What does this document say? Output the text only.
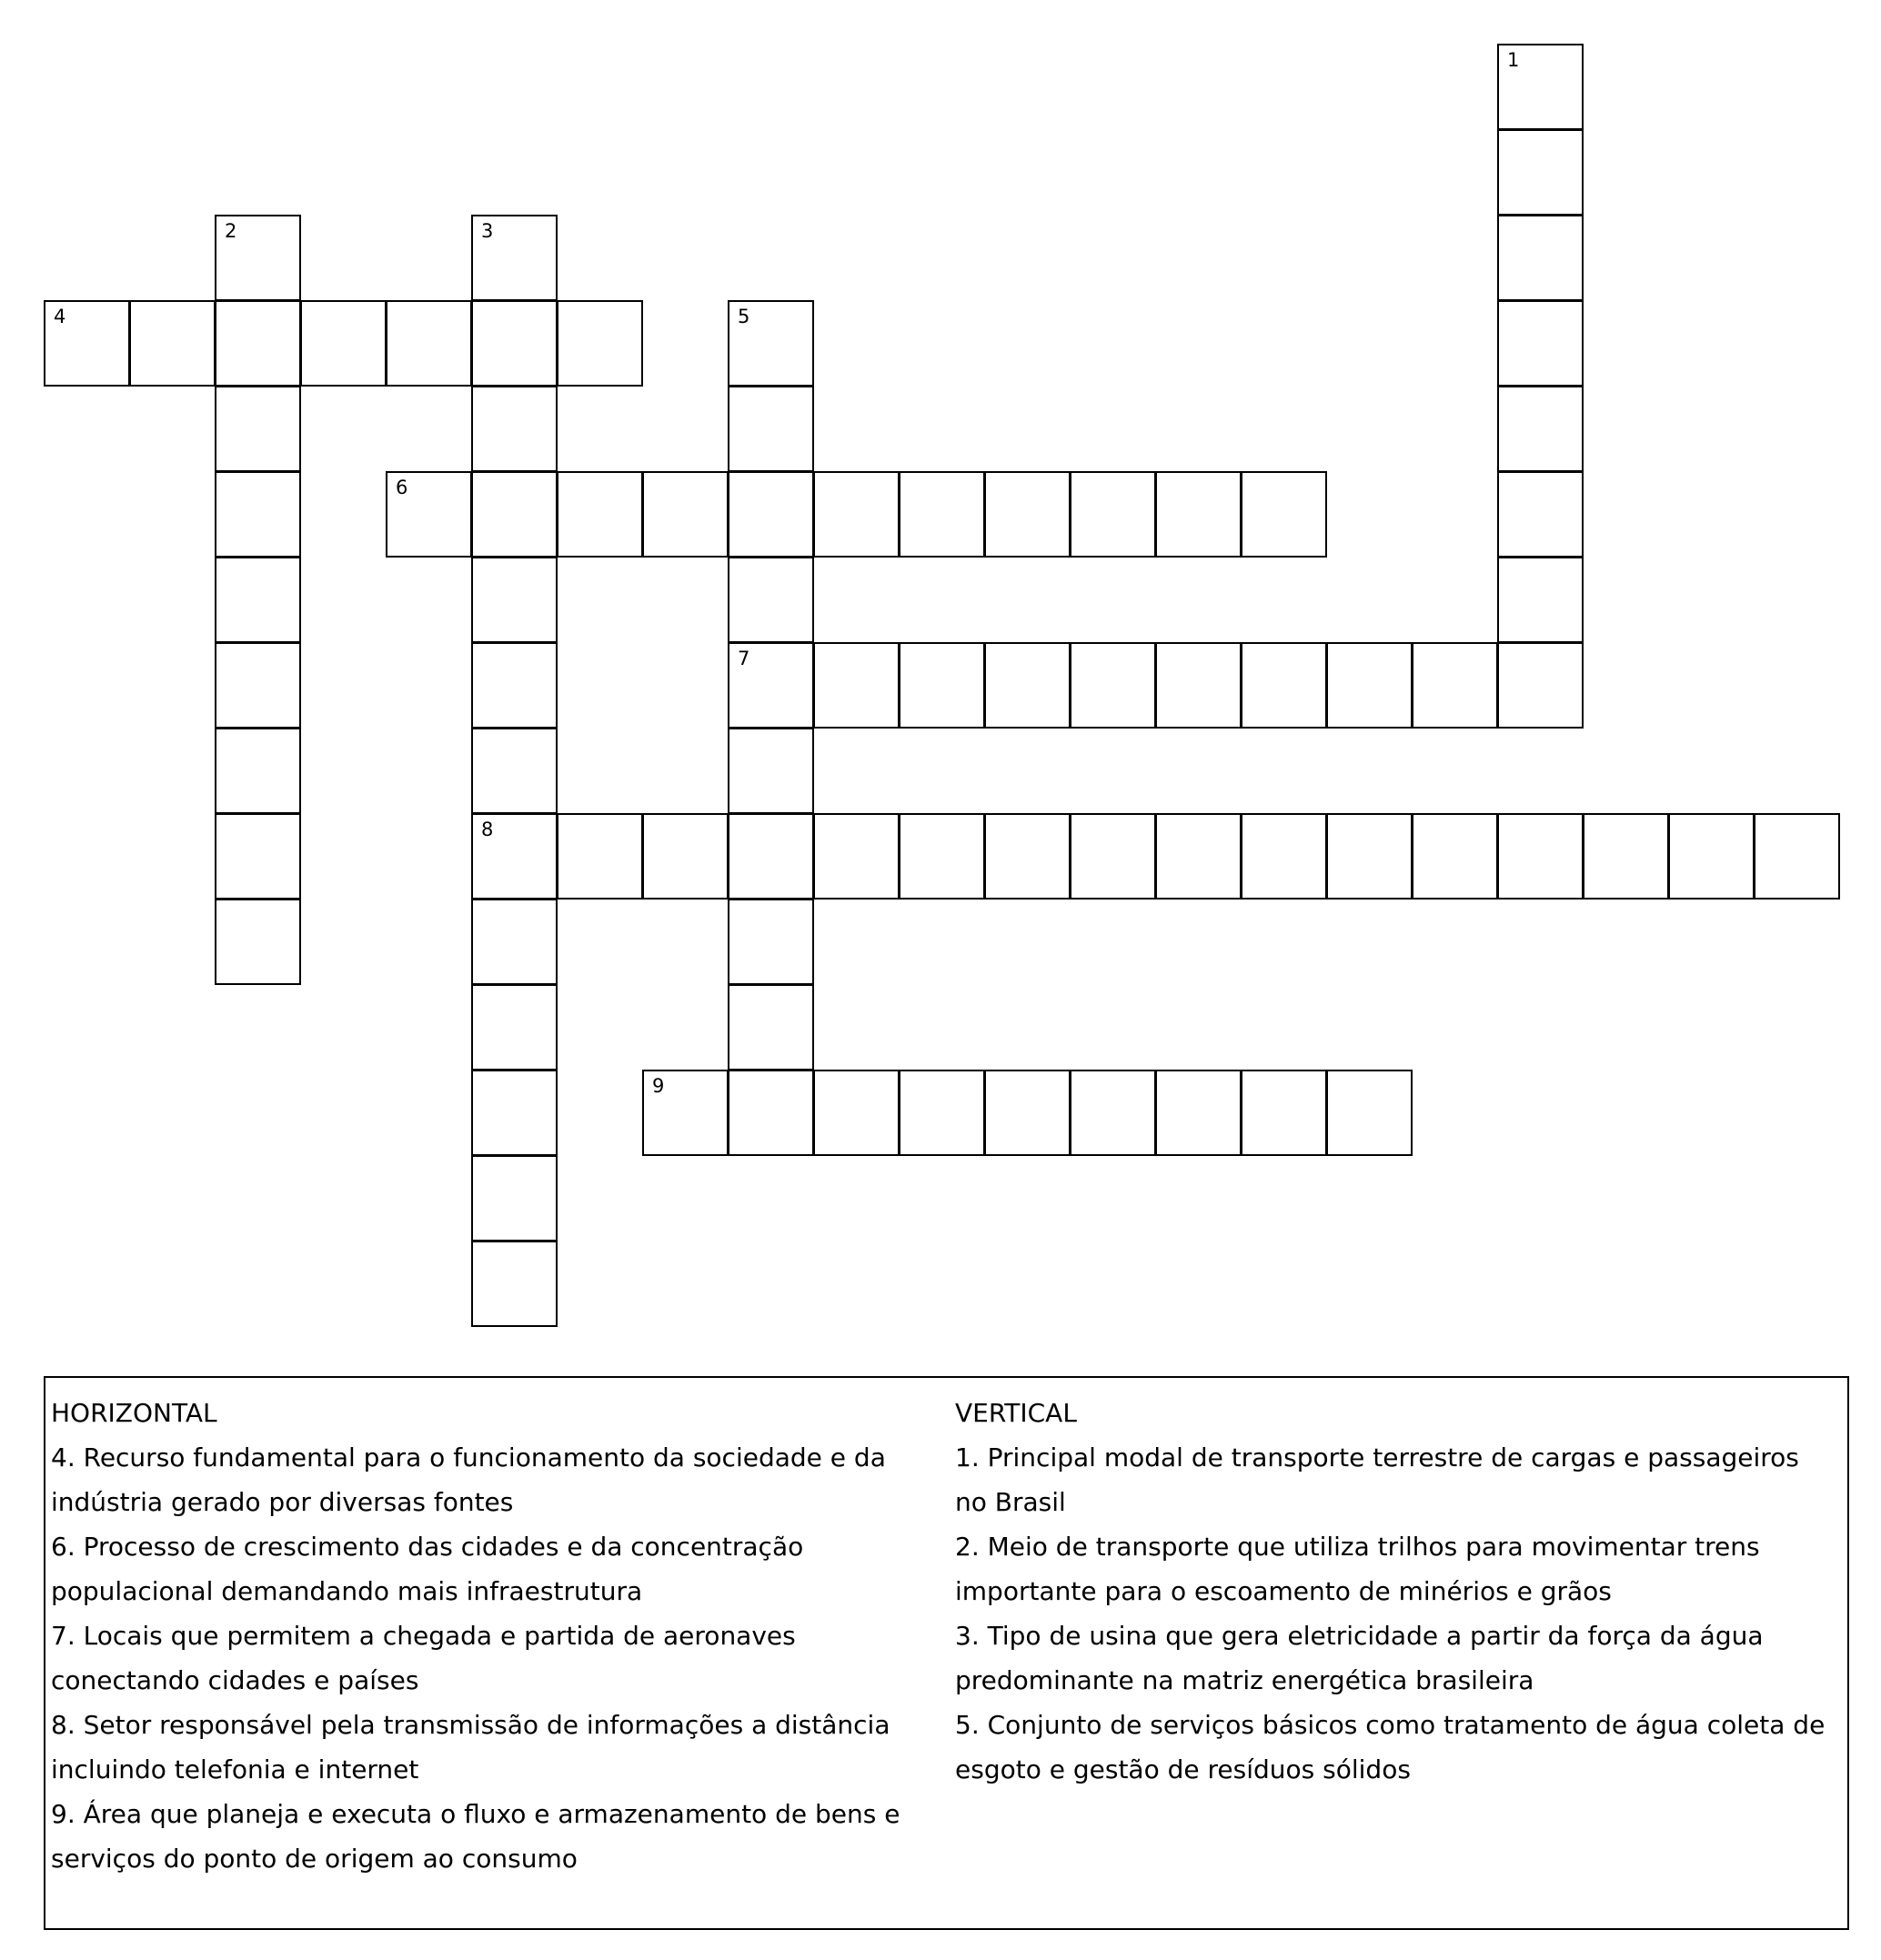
1
2	3
8
4	5
7
6
9

HORIZONTAL

4. Recurso fundamental para o funcionamento da sociedade e da indústria gerado por diversas fontes

6. Processo de crescimento das cidades e da concentração populacional demandando mais infraestrutura

7. Locais que permitem a chegada e partida de aeronaves conectando cidades e países

8. Setor responsável pela transmissão de informações a distância incluindo telefonia e internet

9. Área que planeja e executa o fluxo e armazenamento de bens e serviços do ponto de origem ao consumo

VERTICAL

1. Principal modal de transporte terrestre de cargas e passageiros no Brasil

2. Meio de transporte que utiliza trilhos para movimentar trens importante para o escoamento de minérios e grãos

3. Tipo de usina que gera eletricidade a partir da força da água predominante na matriz energética brasileira

5. Conjunto de serviços básicos como tratamento de água coleta de esgoto e gestão de resíduos sólidos
